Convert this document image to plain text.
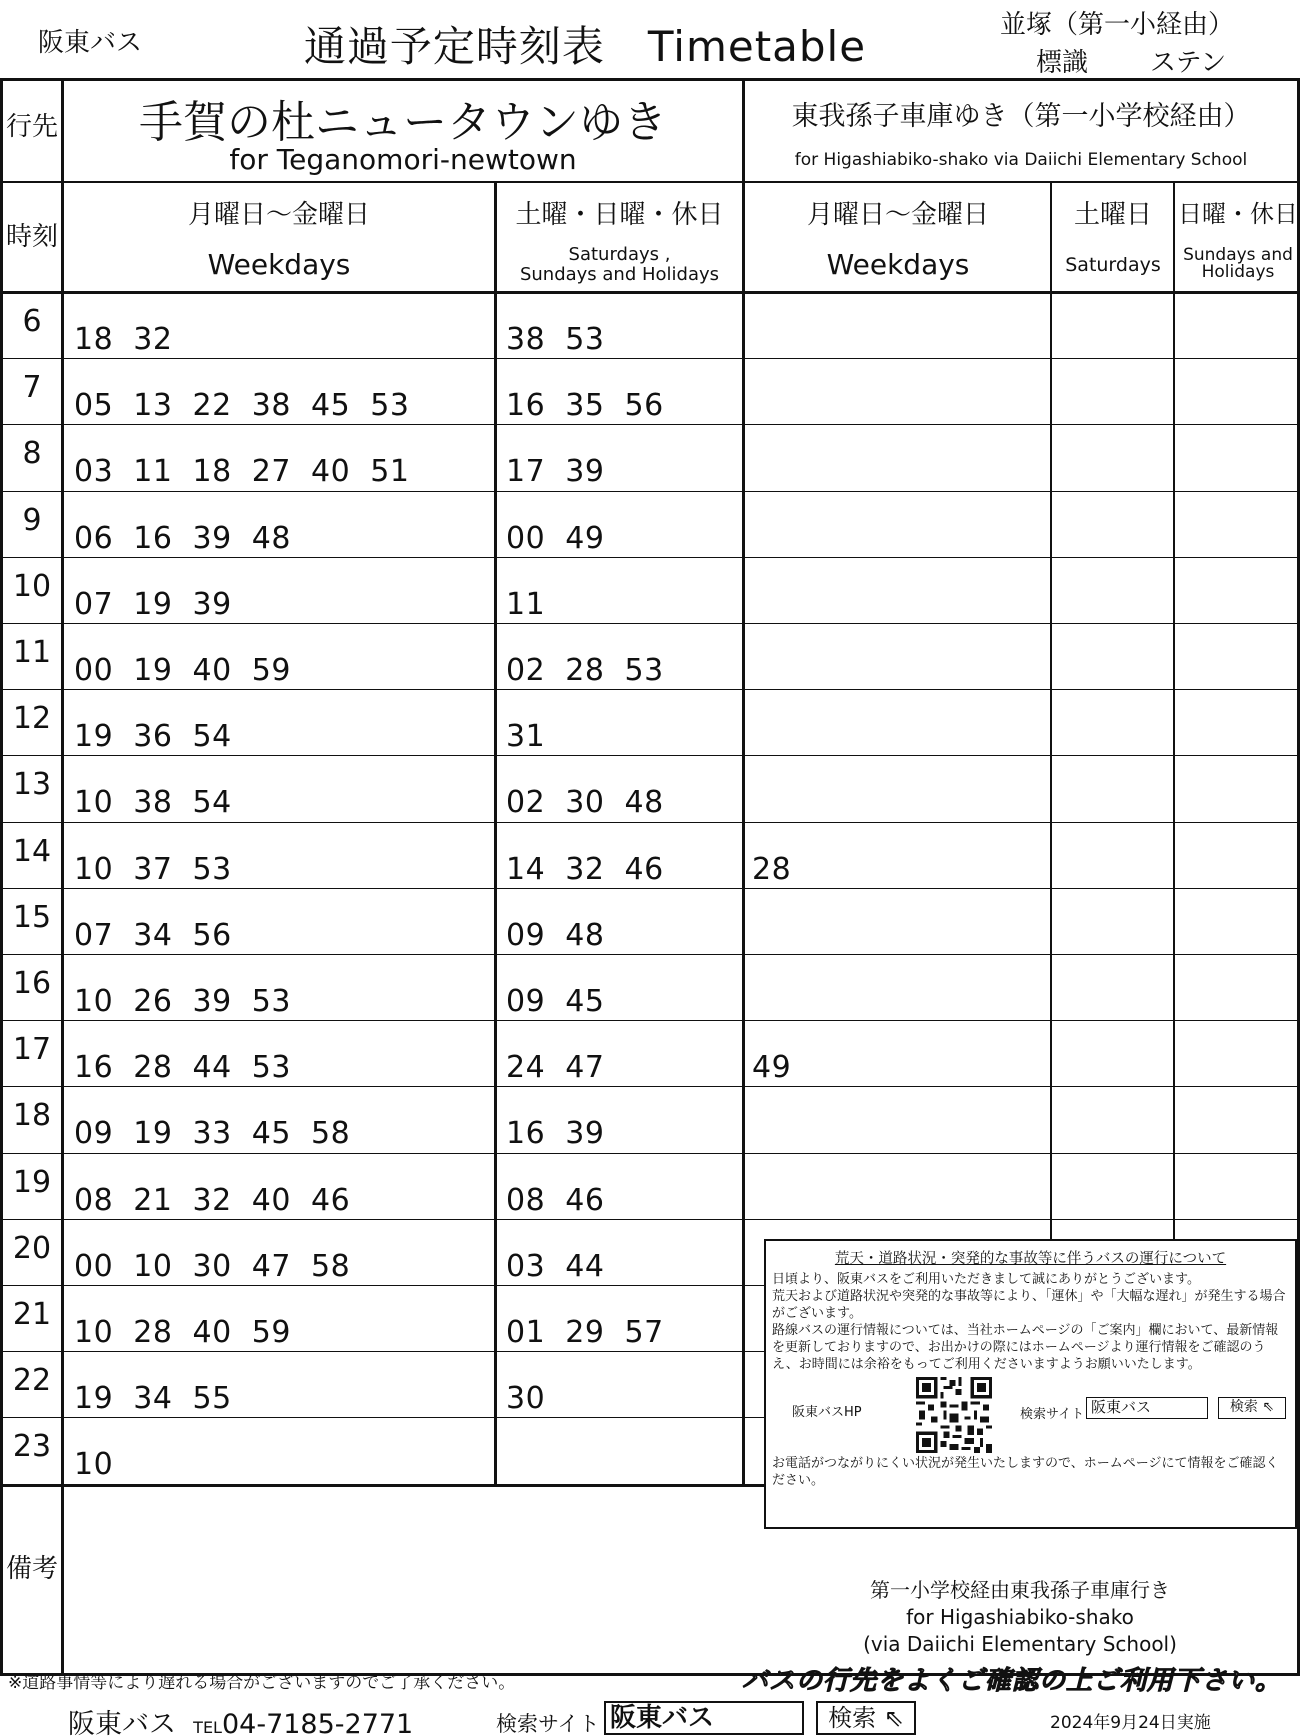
阪東バス	通過予定時刻表　Timetable	並塚（第一小経由）
標識 ステン
行先
時刻
備考
手賀の杜ニュータウンゆき
for Teganomori-newtown
東我孫子車庫ゆき（第一小学校経由）
for Higashiabiko-shako via Daiichi Elementary School
月曜日～金曜日
Weekdays
土曜・日曜・休日
Saturdays ,
Sundays and Holidays
月曜日～金曜日
Weekdays
土曜日
Saturdays
日曜・休日
Sundays and
Holidays
6
18  32	38  53
7
05  13  22  38  45  53	16  35  56
8
03  11  18  27  40  51	17  39
9
06  16  39  48	00  49
10
07  19  39	11
11
00  19  40  59	02  28  53
12
19  36  54	31
13
10  38  54	02  30  48
14
10  37  53	14  32  46	28
15
07  34  56	09  48
16
10  26  39  53	09  45
17
16  28  44  53	24  47	49
18
09  19  33  45  58	16  39
19
08  21  32  40  46	08  46
20
00  10  30  47  58	03  44
21
10  28  40  59	01  29  57
22
19  34  55	30
23
10
第一小学校経由東我孫子車庫行き
for Higashiabiko-shako
(via Daiichi Elementary School)
荒天・道路状況・突発的な事故等に伴うバスの運行について
日頃より、阪東バスをご利用いただきまして誠にありがとうございます。
荒天および道路状況や突発的な事故等により、「運休」や「大幅な遅れ」が発生する場合がございます。
路線バスの運行情報については、当社ホームページの「ご案内」欄において、最新情報を更新しておりますので、お出かけの際にはホームページより運行情報をご確認のうえ、お時間には余裕をもってご利用くださいますようお願いいたします。
阪東バスHP	検索サイト 阪東バス	検索 ⇖
お電話がつながりにくい状況が発生いたしますので、ホームページにて情報をご確認ください。
※道路事情等により遅れる場合がございますのでご了承ください。	バスの行先をよくご確認の上ご利用下さい。
阪東バス TEL04-7185-2771	検索サイト 阪東バス	検索 ⇖	2024年9月24日実施
